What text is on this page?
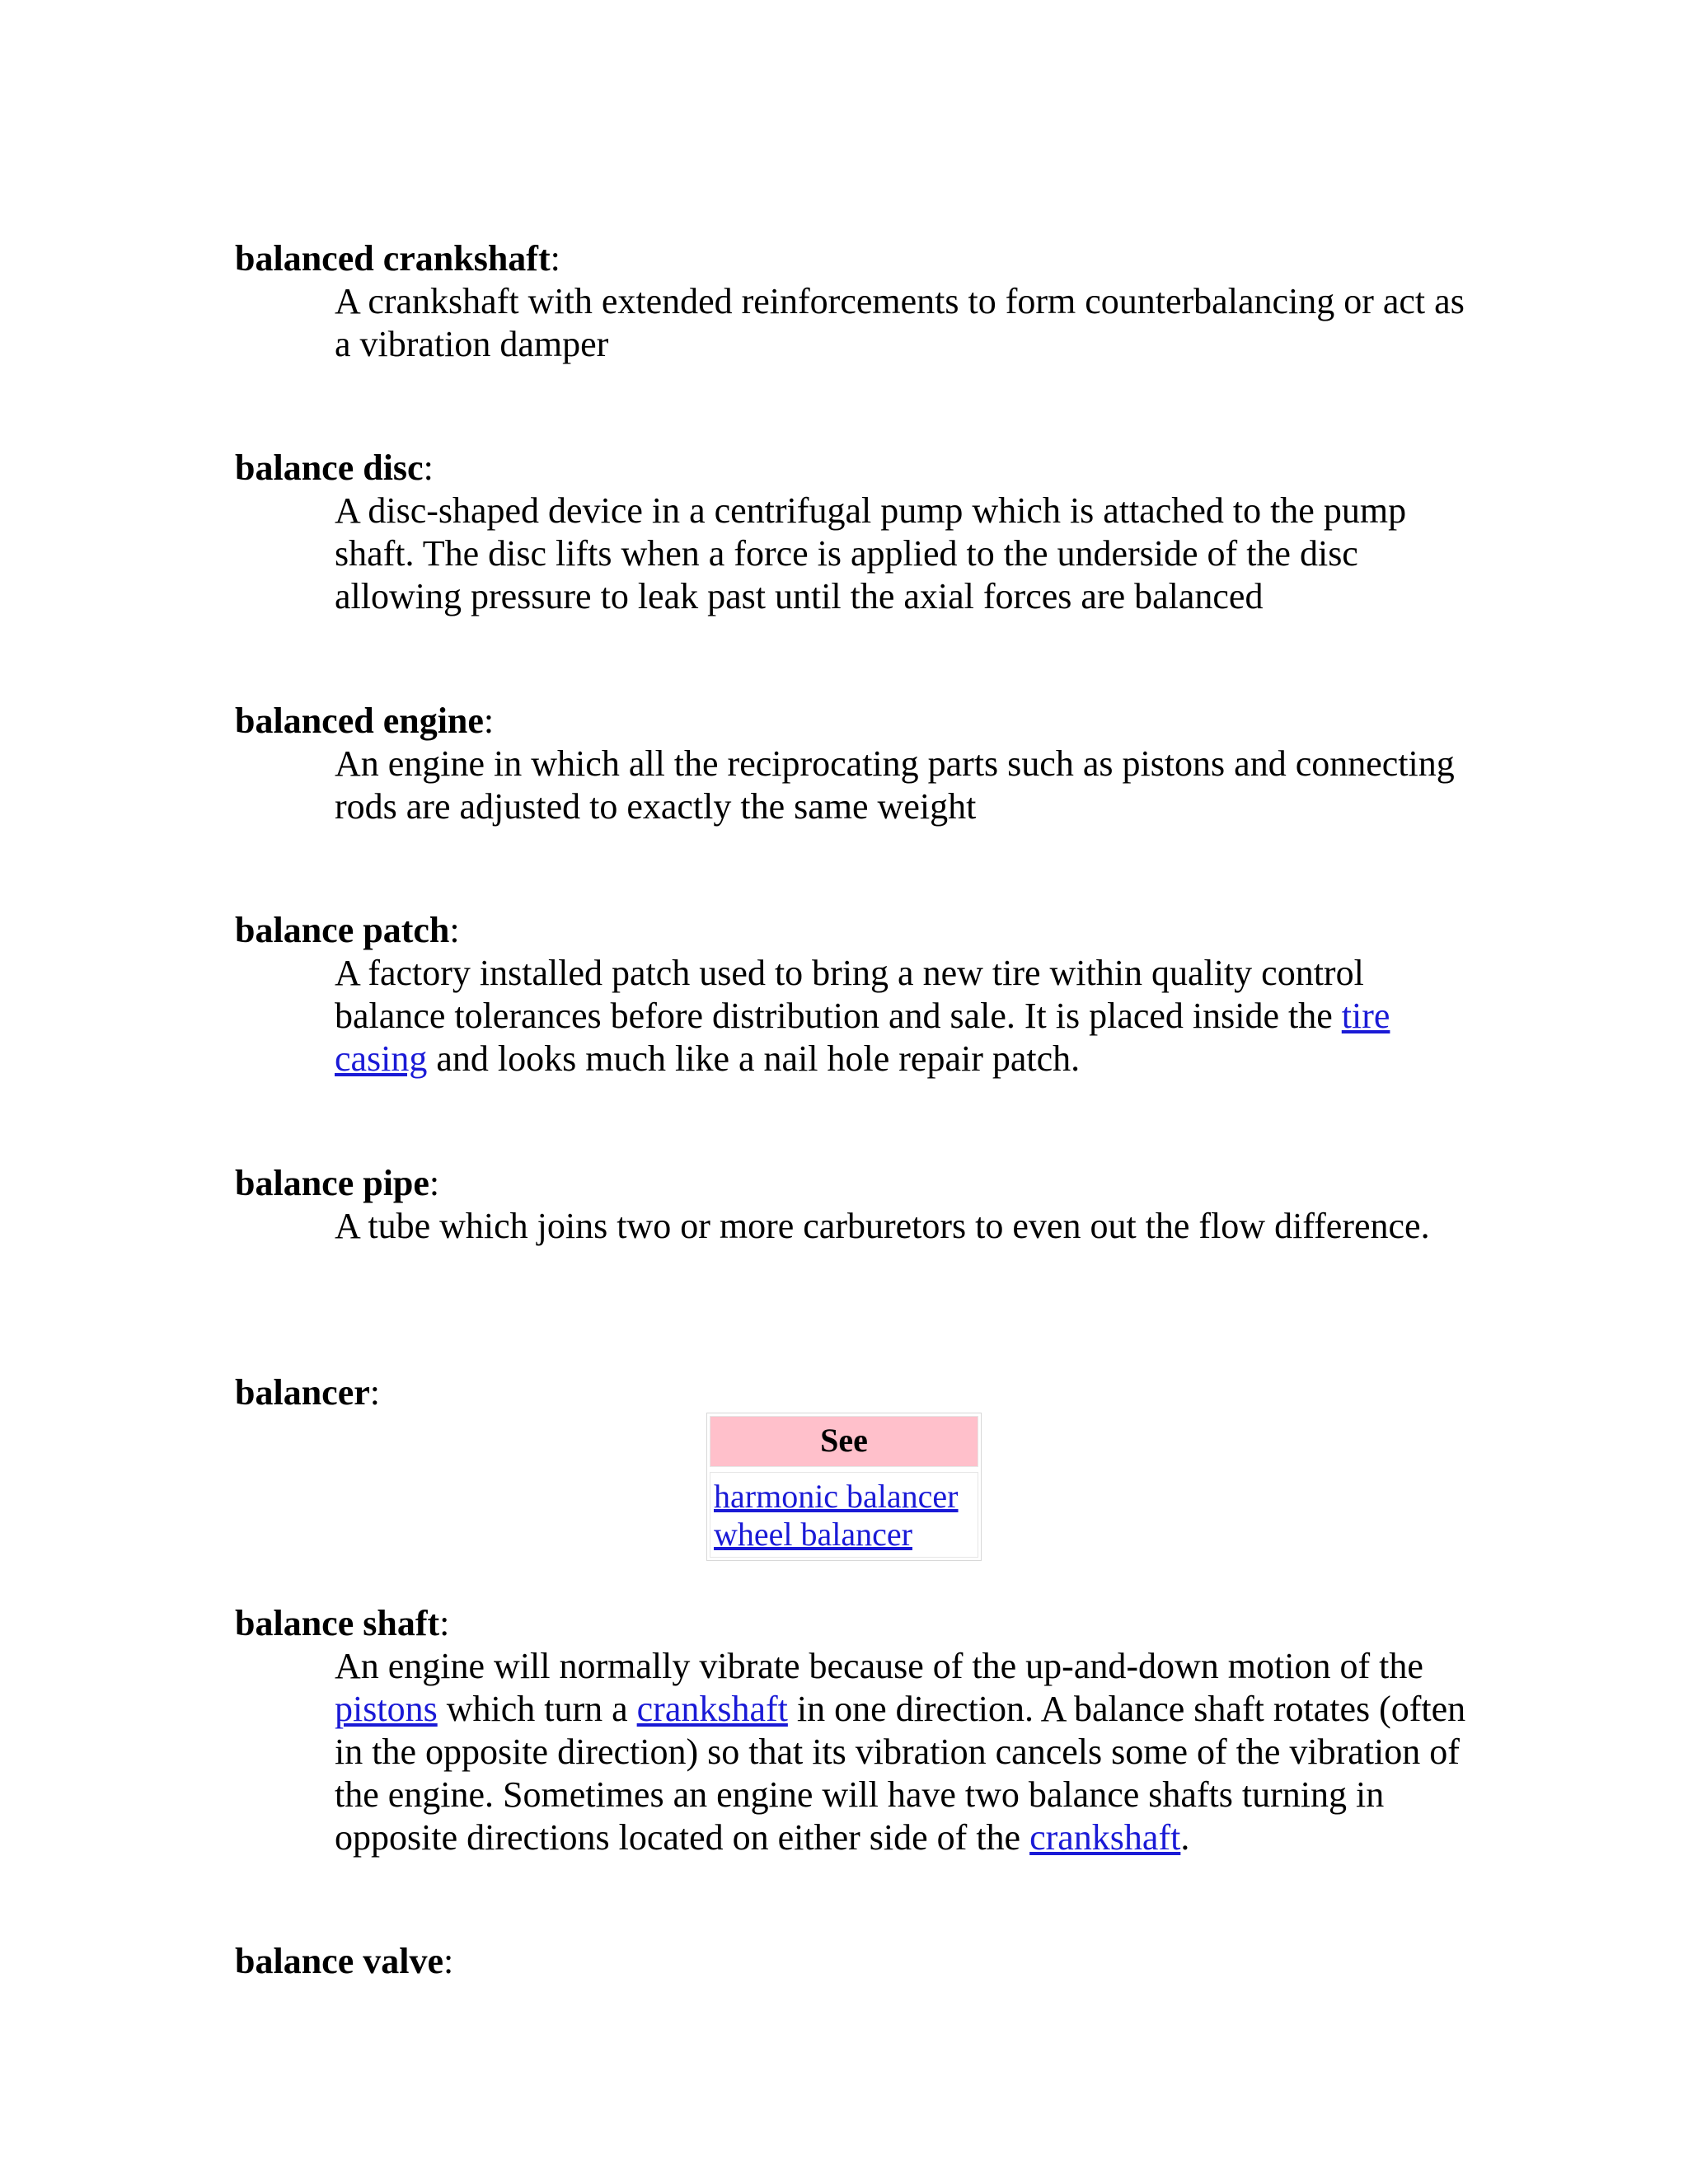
balanced crankshaft:

A crankshaft with extended reinforcements to form counterbalancing or act as a vibration damper

balance disc:

A disc-shaped device in a centrifugal pump which is attached to the pump shaft. The disc lifts when a force is applied to the underside of the disc allowing pressure to leak past until the axial forces are balanced

balanced engine:

An engine in which all the reciprocating parts such as pistons and connecting rods are adjusted to exactly the same weight

balance patch:

A factory installed patch used to bring a new tire within quality control balance tolerances before distribution and sale. It is placed inside the tire casing and looks much like a nail hole repair patch.

balance pipe:

A tube which joins two or more carburetors to even out the flow difference.

balancer:

See
harmonic balancer
wheel balancer

balance shaft:

An engine will normally vibrate because of the up-and-down motion of the pistons which turn a crankshaft in one direction. A balance shaft rotates (often in the opposite direction) so that its vibration cancels some of the vibration of the engine. Sometimes an engine will have two balance shafts turning in opposite directions located on either side of the crankshaft.

balance valve:
